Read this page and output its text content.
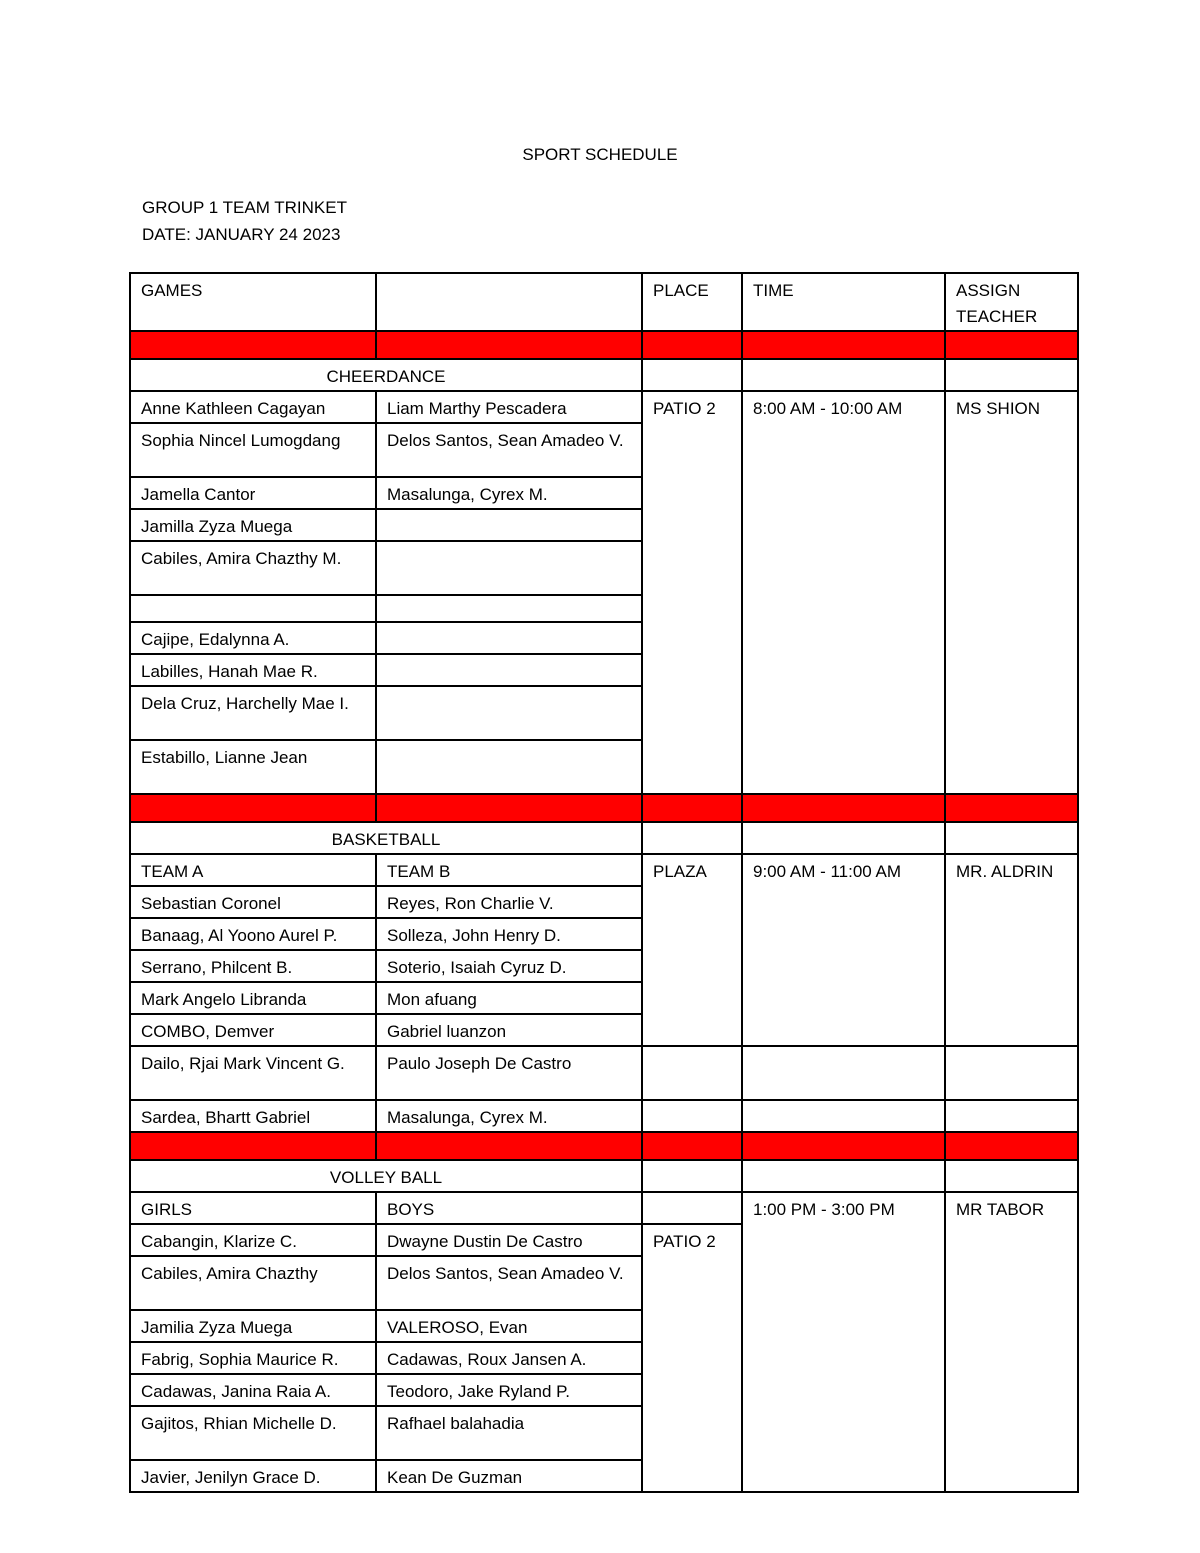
SPORT SCHEDULE
GROUP 1 TEAM TRINKET
DATE: JANUARY 24 2023
GAMES		PLACE	TIME	ASSIGN TEACHER

CHEERDANCE				
Anne Kathleen Cagayan	Liam Marthy Pescadera	PATIO 2	8:00 AM - 10:00 AM	MS SHION
Sophia Nincel Lumogdang	Delos Santos, Sean Amadeo V.			
Jamella Cantor	Masalunga, Cyrex M.			
Jamilla Zyza Muega				
Cabiles, Amira Chazthy M.				

Cajipe, Edalynna A.				
Labilles, Hanah Mae R.				
Dela Cruz, Harchelly Mae I.				
Estabillo, Lianne Jean				

BASKETBALL				
TEAM A	TEAM B	PLAZA	9:00 AM - 11:00 AM	MR. ALDRIN
Sebastian Coronel	Reyes, Ron Charlie V.			
Banaag, Al Yoono Aurel P.	Solleza, John Henry D.			
Serrano, Philcent B.	Soterio, Isaiah Cyruz D.			
Mark Angelo Libranda	Mon afuang			
COMBO, Demver	Gabriel luanzon			
Dailo, Rjai Mark Vincent G.	Paulo Joseph De Castro			
Sardea, Bhartt Gabriel	Masalunga, Cyrex M.			

VOLLEY BALL				
GIRLS	BOYS		1:00 PM - 3:00 PM	MR TABOR
Cabangin, Klarize C.	Dwayne Dustin De Castro	PATIO 2		
Cabiles, Amira Chazthy	Delos Santos, Sean Amadeo V.			
Jamilia Zyza Muega	VALEROSO, Evan			
Fabrig, Sophia Maurice R.	Cadawas, Roux Jansen A.			
Cadawas, Janina Raia A.	Teodoro, Jake Ryland P.			
Gajitos, Rhian Michelle D.	Rafhael balahadia			
Javier, Jenilyn Grace D.	Kean De Guzman			
